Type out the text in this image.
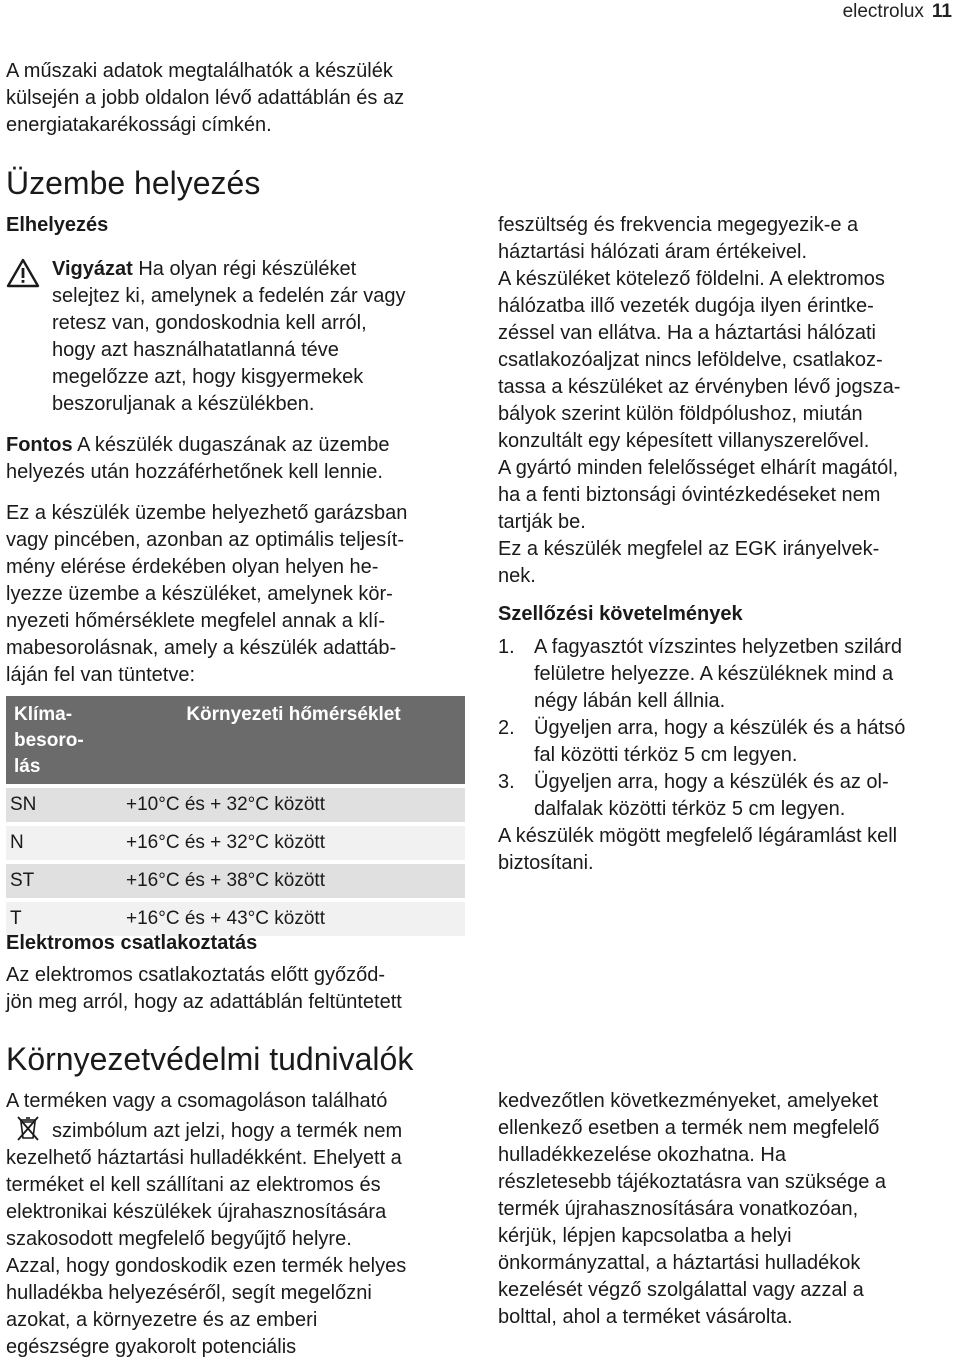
electrolux 11

A műszaki adatok megtalálhatók a készülék

külsején a jobb oldalon lévő adattáblán és az

energiatakarékossági címkén.

Üzembe helyezés
Elhelyezés

Vigyázat Ha olyan régi készüléket

selejtez ki, amelynek a fedelén zár vagy

retesz van, gondoskodnia kell arról,

hogy azt használhatatlanná téve

megelőzze azt, hogy kisgyermekek

beszoruljanak a készülékben.

Fontos A készülék dugaszának az üzembe

helyezés után hozzáférhetőnek kell lennie.

Ez a készülék üzembe helyezhető garázsban

vagy pincében, azonban az optimális teljesít-

mény elérése érdekében olyan helyen he-

lyezze üzembe a készüléket, amelynek kör-

nyezeti hőmérséklete megfelel annak a klí-

mabesorolásnak, amely a készülék adattáb-

láján fel van tüntetve:

Klíma-
besoro-
lás	Környezeti hőmérséklet
SN	+10°C és + 32°C között
N	+16°C és + 32°C között
ST	+16°C és + 38°C között
T	+16°C és + 43°C között
Elektromos csatlakoztatás

Az elektromos csatlakoztatás előtt győződ-

jön meg arról, hogy az adattáblán feltüntetett

feszültség és frekvencia megegyezik-e a

háztartási hálózati áram értékeivel.

A készüléket kötelező földelni. A elektromos

hálózatba illő vezeték dugója ilyen érintke-

zéssel van ellátva. Ha a háztartási hálózati

csatlakozóaljzat nincs leföldelve, csatlakoz-

tassa a készüléket az érvényben lévő jogsza-

bályok szerint külön földpólushoz, miután

konzultált egy képesített villanyszerelővel.

A gyártó minden felelősséget elhárít magától,

ha a fenti biztonsági óvintézkedéseket nem

tartják be.

Ez a készülék megfelel az EGK irányelvek-

nek.

Szellőzési követelmények
1. A fagyasztót vízszintes helyzetben szilárd
felületre helyezze. A készüléknek mind a
négy lábán kell állnia.
2. Ügyeljen arra, hogy a készülék és a hátsó
fal közötti térköz 5 cm legyen.
3. Ügyeljen arra, hogy a készülék és az ol-
dalfalak közötti térköz 5 cm legyen.

A készülék mögött megfelelő légáramlást kell

biztosítani.

Környezetvédelmi tudnivalók

A terméken vagy a csomagoláson található

szimbólum azt jelzi, hogy a termék nem

kezelhető háztartási hulladékként. Ehelyett a

terméket el kell szállítani az elektromos és

elektronikai készülékek újrahasznosítására

szakosodott megfelelő begyűjtő helyre.

Azzal, hogy gondoskodik ezen termék helyes

hulladékba helyezéséről, segít megelőzni

azokat, a környezetre és az emberi

egészségre gyakorolt potenciális

kedvezőtlen következményeket, amelyeket

ellenkező esetben a termék nem megfelelő

hulladékkezelése okozhatna. Ha

részletesebb tájékoztatásra van szüksége a

termék újrahasznosítására vonatkozóan,

kérjük, lépjen kapcsolatba a helyi

önkormányzattal, a háztartási hulladékok

kezelését végző szolgálattal vagy azzal a

bolttal, ahol a terméket vásárolta.
